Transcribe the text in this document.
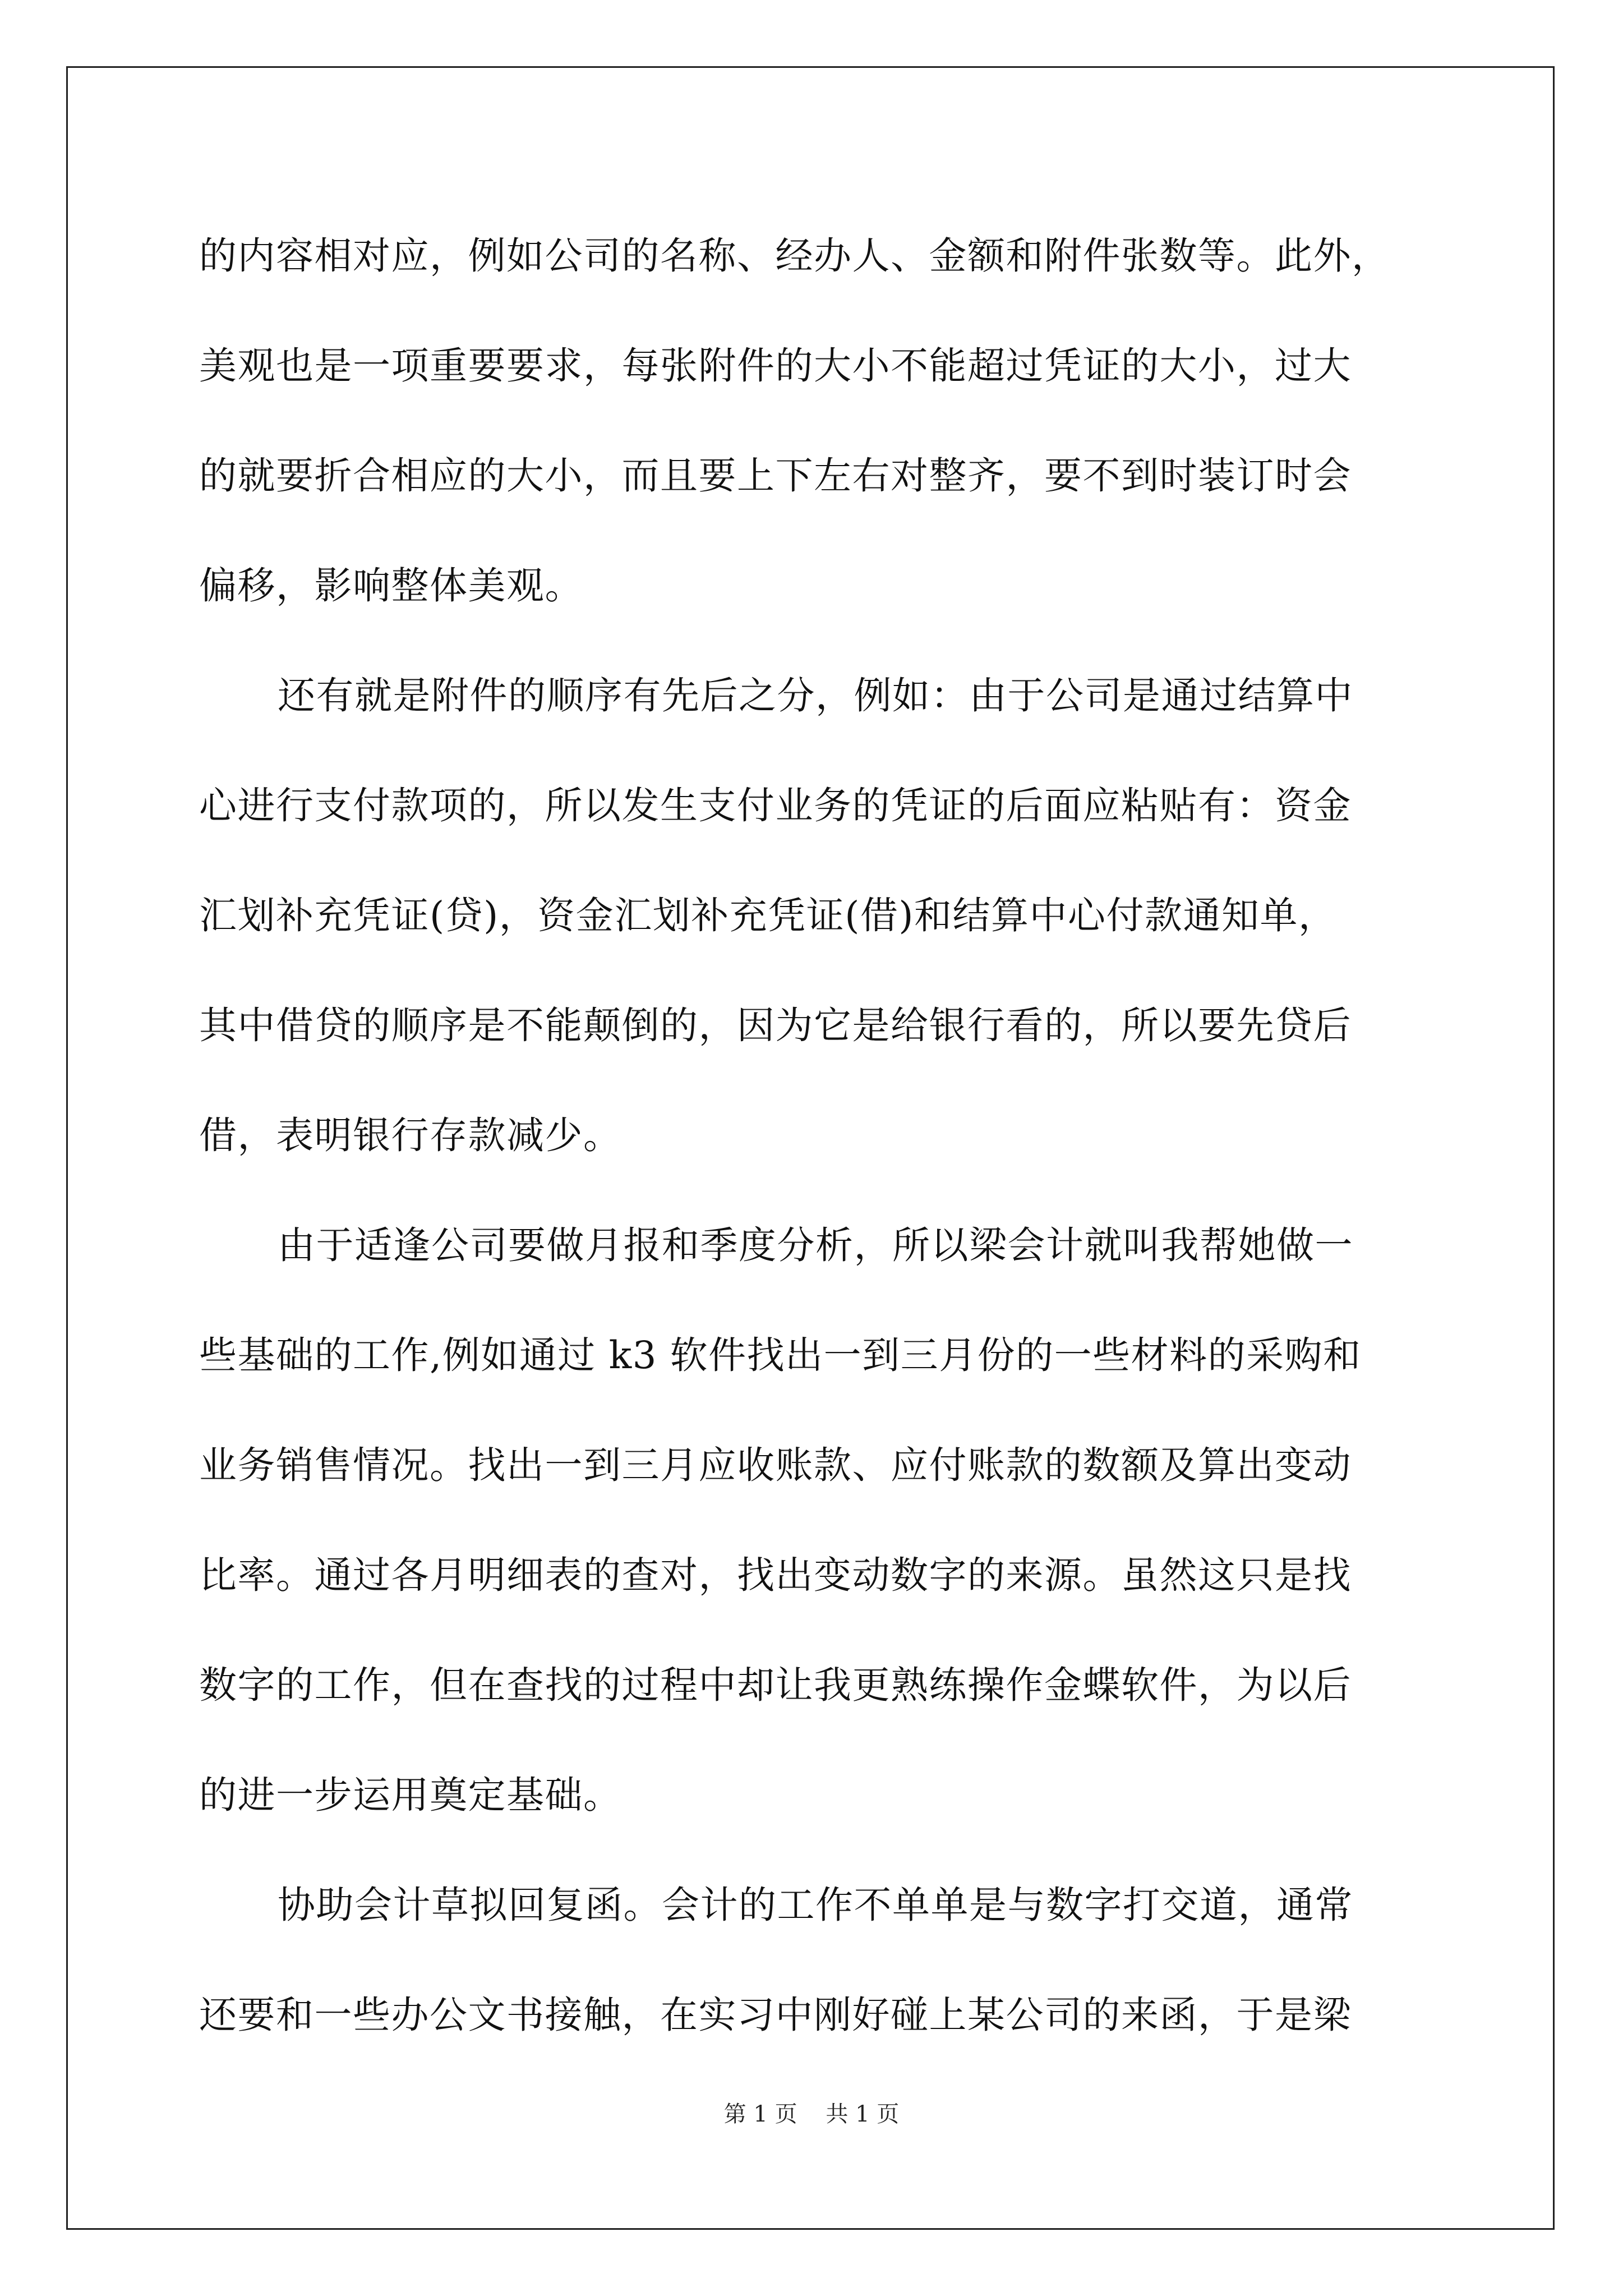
的内容相对应，例如公司的名称、经办人、金额和附件张数等。此外，
美观也是一项重要要求，每张附件的大小不能超过凭证的大小，过大
的就要折合相应的大小，而且要上下左右对整齐，要不到时装订时会
偏移，影响整体美观。
还有就是附件的顺序有先后之分，例如：由于公司是通过结算中
心进行支付款项的，所以发生支付业务的凭证的后面应粘贴有：资金
汇划补充凭证(贷)，资金汇划补充凭证(借)和结算中心付款通知单，
其中借贷的顺序是不能颠倒的，因为它是给银行看的，所以要先贷后
借，表明银行存款减少。
由于适逢公司要做月报和季度分析，所以梁会计就叫我帮她做一
些基础的工作,例如通过 k3 软件找出一到三月份的一些材料的采购和
业务销售情况。找出一到三月应收账款、应付账款的数额及算出变动
比率。通过各月明细表的查对，找出变动数字的来源。虽然这只是找
数字的工作，但在查找的过程中却让我更熟练操作金蝶软件，为以后
的进一步运用奠定基础。
协助会计草拟回复函。会计的工作不单单是与数字打交道，通常
还要和一些办公文书接触，在实习中刚好碰上某公司的来函，于是梁
第 1 页    共 1 页
